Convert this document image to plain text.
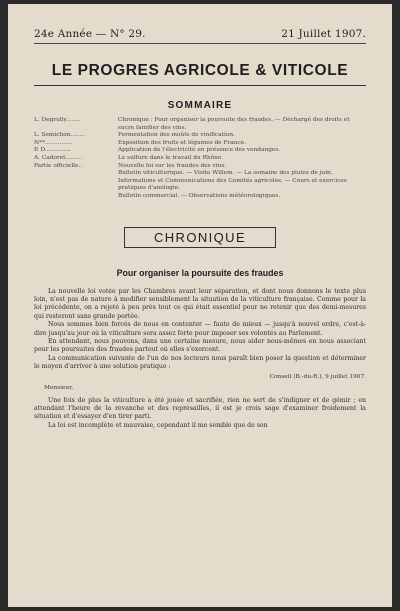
24e Année — N° 29.	21 Juillet 1907.
LE PROGRES AGRICOLE & VITICOLE
SOMMAIRE
L. Degrully........	Chronique : Pour organiser la poursuite des fraudes. — Déchargé des droits et sucre familier des vins.
L. Semichon........	Fermentation des moûts de vinification.
N**...............	Exposition des fruits et légumes de France.
P. D..............	Application de l'électricité en présence des vendanges.
A. Cadoret.........	Le sulfure dans le travail du Rhône.
Partie officielle..	Nouvelle loi sur les fraudes des vins.
Bulletin viticulturique. — Visite Willem. — La semaine des pluies de juin.
Informations et Communications des Comités agricoles. — Cours et exercices pratiques d'anologie.
Bulletin commercial. — Observations météorologiques.
CHRONIQUE
Pour organiser la poursuite des fraudes

La nouvelle loi votée par les Chambres avant leur séparation, et dont nous donnons le texte plus loin, n'est pas de nature à modifier sensiblement la situation de la viticulture française. Comme pour la loi précédente, on a rejeté à peu près tout ce qui était essentiel pour ne retenir que des demi-mesures qui resteront sans grande portée.

Nous sommes bien forcés de nous en contenter — faute de mieux — jusqu'à nouvel ordre, c'est-à-dire jusqu'au jour où la viticulture sera assez forte pour imposer ses volontés au Parlement.

En attendant, nous pouvons, dans une certaine mesure, nous aider nous-mêmes en nous associant pour les poursuites des fraudes partout où elles s'exercent.

La communication suivante de l'un de nos lecteurs nous paraît bien poser la question et déterminer le moyen d'arriver à une solution pratique :

Conseil (B.-du-R.), 9 juillet 1907.
Monsieur,

Une fois de plus la viticulture a été jouée et sacrifiée, rien ne sert de s'indigner et de gémir ; en attendant l'heure de la revanche et des représailles, il est je crois sage d'examiner froidement la situation et d'essayer d'en tirer parti.

La loi est incomplète et mauvaise, cependant il me semble que de son
